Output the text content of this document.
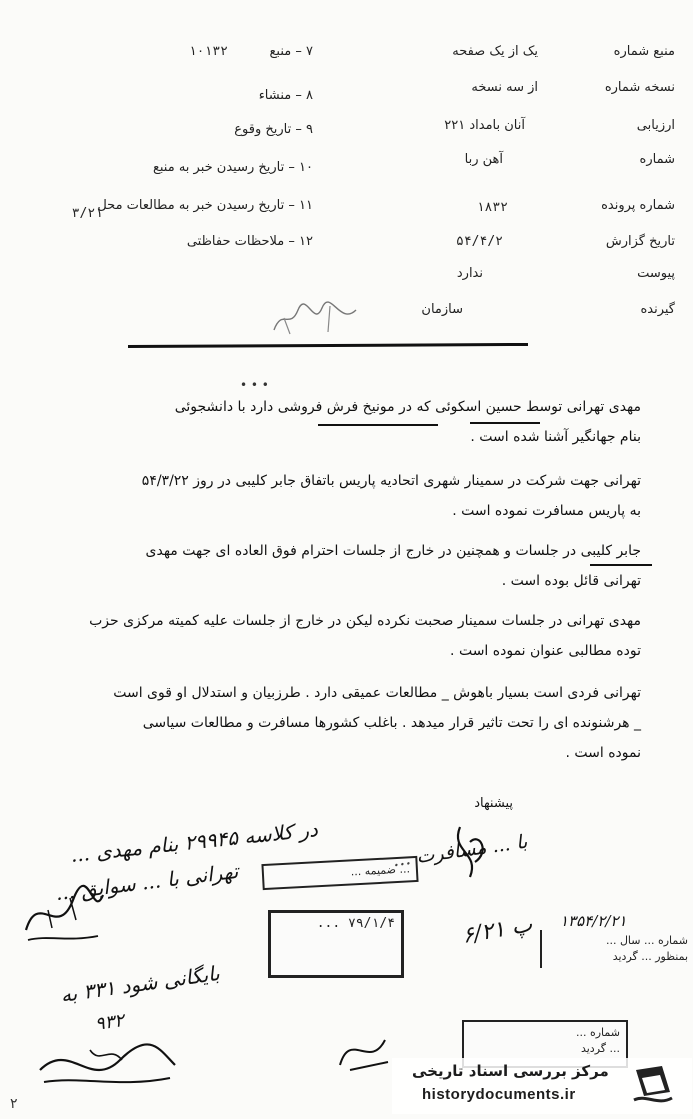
منبع شماره
یک از یک صفحه
نسخه شماره
از سه نسخه
ارزیابی
آنان بامداد ۲۲۱
شماره
آهن ربا
شماره پرونده
۱۸۳۲
تاریخ گزارش
۵۴/۴/۲
پیوست
ندارد
گیرنده
سازمان
۷ – منبع
۱۰۱۳۲
۸ – منشاء
۹ – تاریخ وقوع
۱۰ – تاریخ رسیدن خبر به منبع
۱۱ – تاریخ رسیدن خبر به مطالعات محل
۳/۲۱
۱۲ – ملاحظات حفاظتی
• • •
مهدی تهرانی توسط حسین اسکوئی که در مونیخ فرش فروشی دارد با دانشجوئی
بنام جهانگیر آشنا شده است .
تهرانی جهت شرکت در سمینار شهری اتحادیه پاریس باتفاق جابر کلیبی در روز ۵۴/۳/۲۲
به پاریس مسافرت نموده است .
جابر کلیبی در جلسات و همچنین در خارج از جلسات احترام فوق العاده ای جهت مهدی
تهرانی قائل بوده است .
مهدی تهرانی در جلسات سمینار صحبت نکرده لیکن در خارج از جلسات علیه کمیته مرکزی حزب
توده مطالبی عنوان نموده است .
تهرانی فردی است بسیار باهوش _ مطالعات عمیقی دارد . طرزبیان و استدلال او قوی است
_ هرشنونده ای را تحت تاثیر قرار میدهد . باغلب کشورها مسافرت و مطالعات سیاسی
نموده است .
پیشنهاد
در کلاسه ۲۹۹۴۵ بنام مهدی ...
تهرانی با ... سوابق ...
بایگانی شود ۳۳۱ به
۹۳۲
با ... مسافرت ...
پ ۶/۲۱ ۱۳۵۴/۲/۲۱
... ضمیمه ...
۷۹/۱/۴ ...

شماره ... سال ...
بمنظور ... گردید
شماره ...
... گردید
مرکز بررسی اسناد تاریخی
historydocuments.ir
۲
